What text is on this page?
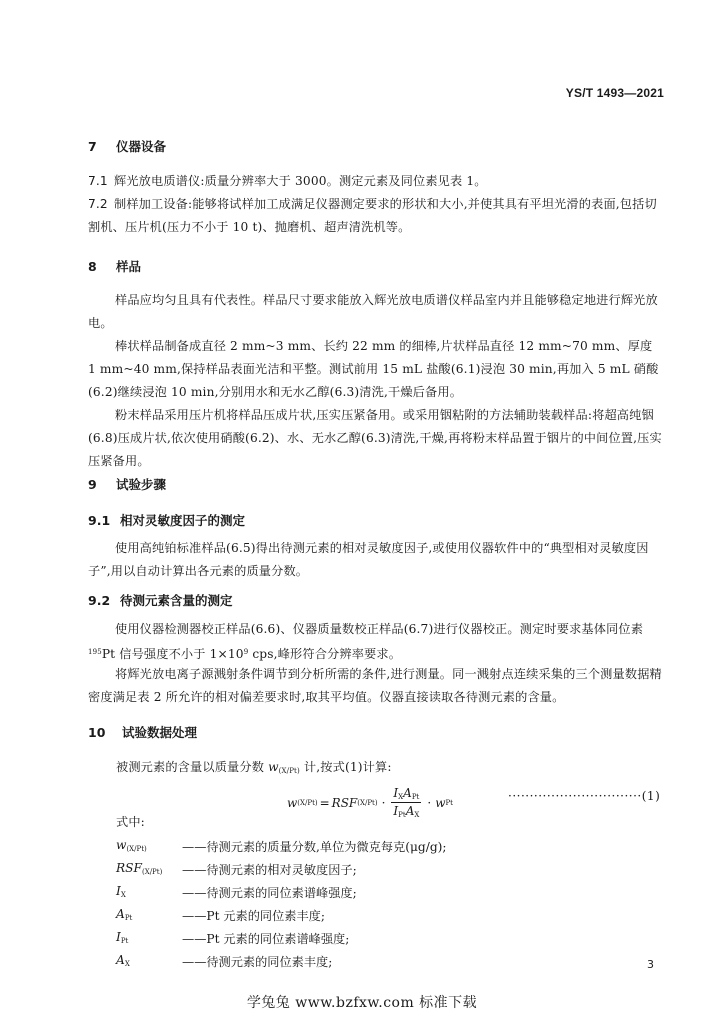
YS/T 1493—2021
7 仪器设备
7.1 辉光放电质谱仪:质量分辨率大于 3000。测定元素及同位素见表 1。
7.2 制样加工设备:能够将试样加工成满足仪器测定要求的形状和大小,并使其具有平坦光滑的表面,包括切割机、压片机(压力不小于 10 t)、抛磨机、超声清洗机等。
8 样品
样品应均匀且具有代表性。样品尺寸要求能放入辉光放电质谱仪样品室内并且能够稳定地进行辉光放电。
棒状样品制备成直径 2 mm~3 mm、长约 22 mm 的细棒,片状样品直径 12 mm~70 mm、厚度 1 mm~40 mm,保持样品表面光洁和平整。测试前用 15 mL 盐酸(6.1)浸泡 30 min,再加入 5 mL 硝酸(6.2)继续浸泡 10 min,分别用水和无水乙醇(6.3)清洗,干燥后备用。
粉末样品采用压片机将样品压成片状,压实压紧备用。或采用铟粘附的方法辅助装载样品:将超高纯铟(6.8)压成片状,依次使用硝酸(6.2)、水、无水乙醇(6.3)清洗,干燥,再将粉末样品置于铟片的中间位置,压实压紧备用。
9 试验步骤
9.1 相对灵敏度因子的测定
使用高纯铂标准样品(6.5)得出待测元素的相对灵敏度因子,或使用仪器软件中的“典型相对灵敏度因子”,用以自动计算出各元素的质量分数。
9.2 待测元素含量的测定
使用仪器检测器校正样品(6.6)、仪器质量数校正样品(6.7)进行仪器校正。测定时要求基体同位素$^{195}$Pt 信号强度不小于 $1\times 10^9$ cps,峰形符合分辨率要求。
将辉光放电离子源溅射条件调节到分析所需的条件,进行测量。同一溅射点连续采集的三个测量数据精密度满足表 2 所允许的相对偏差要求时,取其平均值。仪器直接读取各待测元素的含量。
10 试验数据处理
被测元素的含量以质量分数 $w_{(X/Pt)}$ 计,按式(1)计算:
w (X/Pt) = RSF $(X/Pt) \cdot \frac{I_XA_{Pt}}{I_{Pt}A_X} \cdot w$ Pt	·······························(1)
式中:
$w_{(X/Pt)}$	——待测元素的质量分数,单位为微克每克(μg/g);
$RSF_{(X/Pt)}$ ——待测元素的相对灵敏度因子;
$I_X$	——待测元素的同位素谱峰强度;
$A_{Pt}$	——Pt 元素的同位素丰度;
$I_{Pt}$	——Pt 元素的同位素谱峰强度;
$A_X$	——待测元素的同位素丰度;	3
学兔兔 www.bzfxw.com 标准下载
